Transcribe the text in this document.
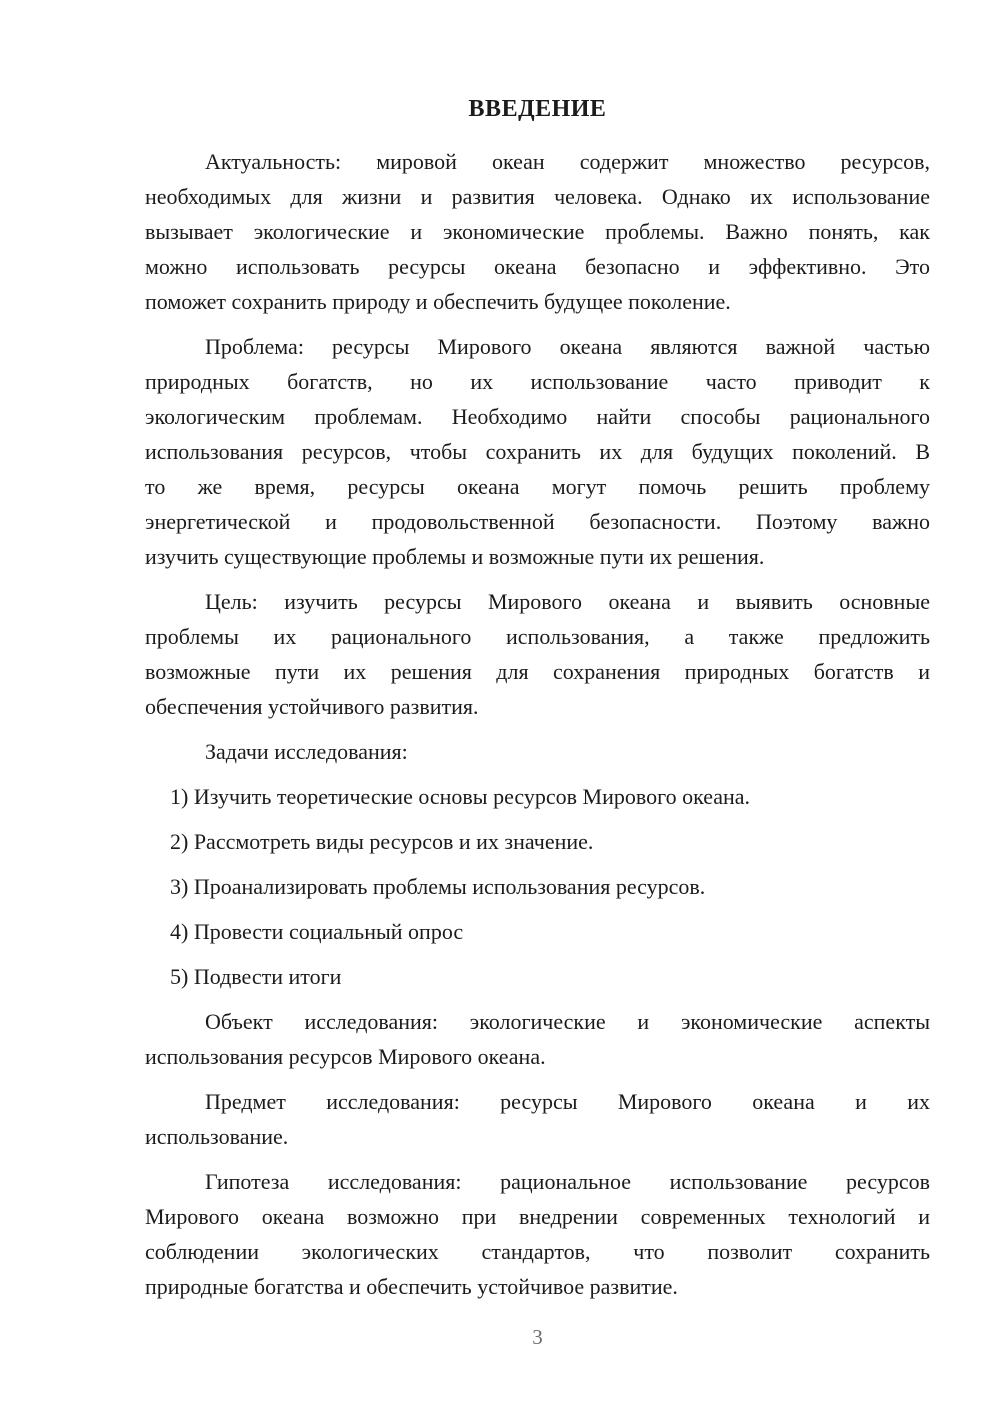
ВВЕДЕНИЕ
Актуальность: мировой океан содержит множество ресурсов,
необходимых для жизни и развития человека. Однако их использование
вызывает экологические и экономические проблемы. Важно понять, как
можно использовать ресурсы океана безопасно и эффективно. Это
поможет сохранить природу и обеспечить будущее поколение.
Проблема: ресурсы Мирового океана являются важной частью
природных богатств, но их использование часто приводит к
экологическим проблемам. Необходимо найти способы рационального
использования ресурсов, чтобы сохранить их для будущих поколений. В
то же время, ресурсы океана могут помочь решить проблему
энергетической и продовольственной безопасности. Поэтому важно
изучить существующие проблемы и возможные пути их решения.
Цель: изучить ресурсы Мирового океана и выявить основные
проблемы их рационального использования, а также предложить
возможные пути их решения для сохранения природных богатств и
обеспечения устойчивого развития.
Задачи исследования:
1) Изучить теоретические основы ресурсов Мирового океана.
2) Рассмотреть виды ресурсов и их значение.
3) Проанализировать проблемы использования ресурсов.
4) Провести социальный опрос
5) Подвести итоги
Объект исследования: экологические и экономические аспекты
использования ресурсов Мирового океана.
Предмет исследования: ресурсы Мирового океана и их
использование.
Гипотеза исследования: рациональное использование ресурсов
Мирового океана возможно при внедрении современных технологий и
соблюдении экологических стандартов, что позволит сохранить
природные богатства и обеспечить устойчивое развитие.
3
